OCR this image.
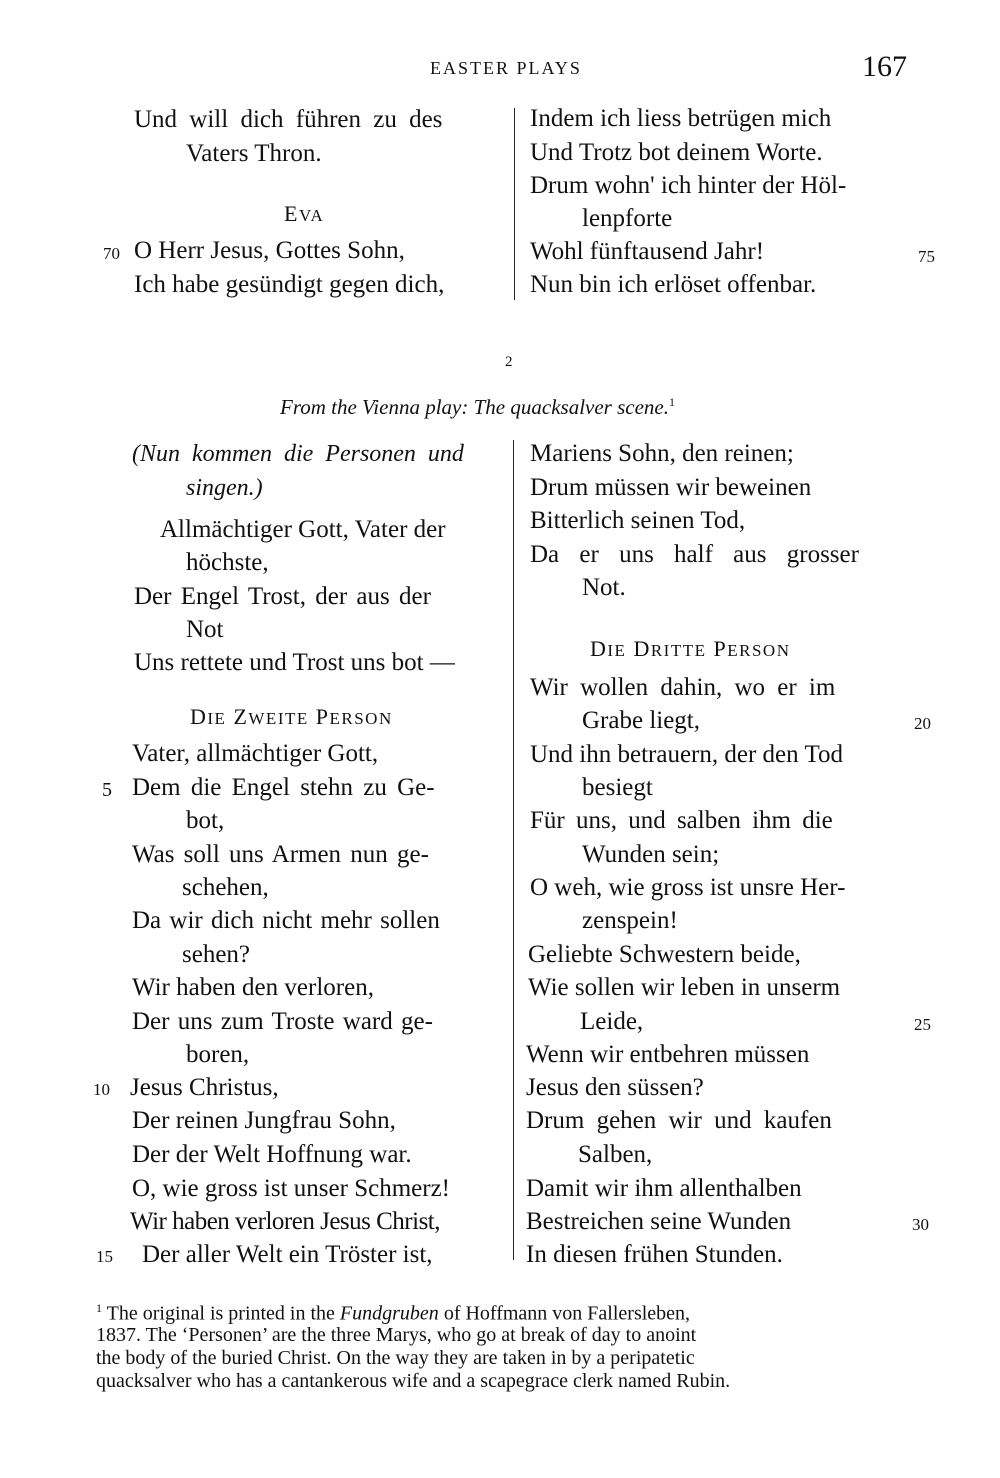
EASTER PLAYS	167
Und will dich führen zu des
Vaters Thron.
EVA
70 O Herr Jesus, Gottes Sohn,
Ich habe gesündigt gegen dich,
Indem ich liess betrügen mich
Und Trotz bot deinem Worte.
Drum wohn' ich hinter der Höl-
lenpforte
Wohl fünftausend Jahr!	75
Nun bin ich erlöset offenbar.
2
From the Vienna play: The quacksalver scene.$^1$
(Nun kommen die Personen und
singen.)
Allmächtiger Gott, Vater der
höchste,
Der Engel Trost, der aus der
Not
Uns rettete und Trost uns bot —
DIE ZWEITE PERSON
Vater, allmächtiger Gott,
5 Dem die Engel stehn zu Ge-
bot,
Was soll uns Armen nun ge-
schehen,
Da wir dich nicht mehr sollen
sehen?
Wir haben den verloren,
Der uns zum Troste ward ge-
boren,
10 Jesus Christus,
Der reinen Jungfrau Sohn,
Der der Welt Hoffnung war.
O, wie gross ist unser Schmerz!
Wir haben verloren Jesus Christ,
15 Der aller Welt ein Tröster ist,
Mariens Sohn, den reinen;
Drum müssen wir beweinen
Bitterlich seinen Tod,
Da er uns half aus grosser
Not.
DIE DRITTE PERSON
Wir wollen dahin, wo er im
Grabe liegt,	20
Und ihn betrauern, der den Tod
besiegt
Für uns, und salben ihm die
Wunden sein;
O weh, wie gross ist unsre Her-
zenspein!
Geliebte Schwestern beide,
Wie sollen wir leben in unserm
Leide,	25
Wenn wir entbehren müssen
Jesus den süssen?
Drum gehen wir und kaufen
Salben,
Damit wir ihm allenthalben
Bestreichen seine Wunden	30
In diesen frühen Stunden.
$^1$ The original is printed in the Fundgruben of Hoffmann von Fallersleben,
1837. The ‘Personen’ are the three Marys, who go at break of day to anoint
the body of the buried Christ. On the way they are taken in by a peripatetic
quacksalver who has a cantankerous wife and a scapegrace clerk named Rubin.
